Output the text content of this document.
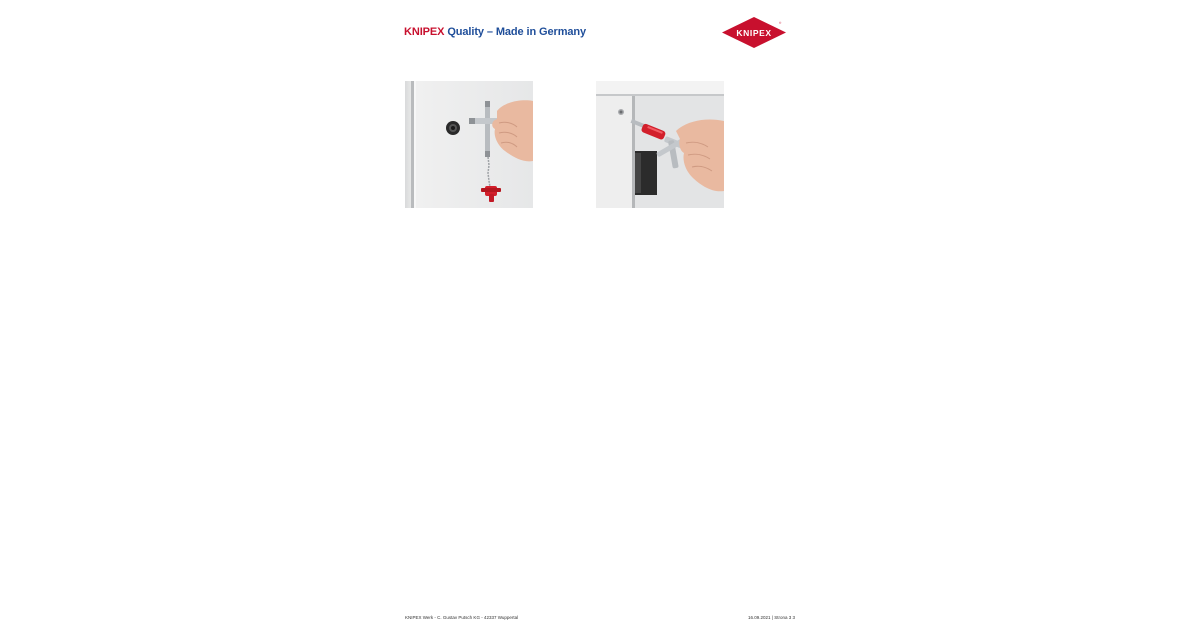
KNIPEX Quality – Made in Germany	KNIPEX
®
KNIPEX Werk - C. Gustav Putsch KG - 42337 Wuppertal	16.09.2021 | Strona 3 3
